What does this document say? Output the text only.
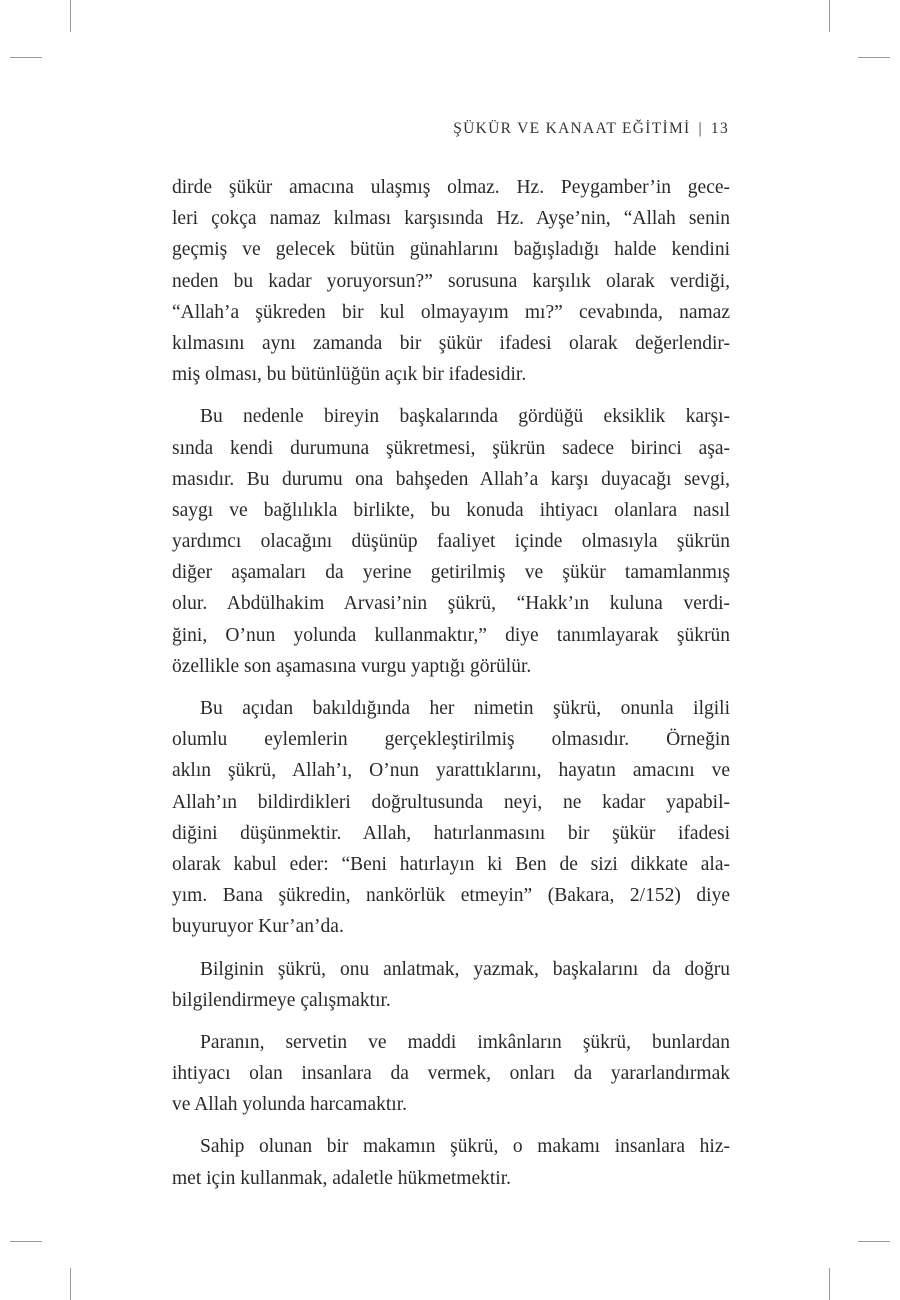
ŞÜKÜR VE KANAAT EĞİTİMİ | 13
dirde şükür amacına ulaşmış olmaz. Hz. Peygamber’in gece-
leri çokça namaz kılması karşısında Hz. Ayşe’nin, “Allah senin
geçmiş ve gelecek bütün günahlarını bağışladığı halde kendini
neden bu kadar yoruyorsun?” sorusuna karşılık olarak verdiği,
“Allah’a şükreden bir kul olmayayım mı?” cevabında, namaz
kılmasını aynı zamanda bir şükür ifadesi olarak değerlendir-
miş olması, bu bütünlüğün açık bir ifadesidir.
Bu nedenle bireyin başkalarında gördüğü eksiklik karşı-
sında kendi durumuna şükretmesi, şükrün sadece birinci aşa-
masıdır. Bu durumu ona bahşeden Allah’a karşı duyacağı sevgi,
saygı ve bağlılıkla birlikte, bu konuda ihtiyacı olanlara nasıl
yardımcı olacağını düşünüp faaliyet içinde olmasıyla şükrün
diğer aşamaları da yerine getirilmiş ve şükür tamamlanmış
olur. Abdülhakim Arvasi’nin şükrü, “Hakk’ın kuluna verdi-
ğini, O’nun yolunda kullanmaktır,” diye tanımlayarak şükrün
özellikle son aşamasına vurgu yaptığı görülür.
Bu açıdan bakıldığında her nimetin şükrü, onunla ilgili
olumlu eylemlerin gerçekleştirilmiş olmasıdır. Örneğin
aklın şükrü, Allah’ı, O’nun yarattıklarını, hayatın amacını ve
Allah’ın bildirdikleri doğrultusunda neyi, ne kadar yapabil-
diğini düşünmektir. Allah, hatırlanmasını bir şükür ifadesi
olarak kabul eder: “Beni hatırlayın ki Ben de sizi dikkate ala-
yım. Bana şükredin, nankörlük etmeyin” (Bakara, 2/152) diye
buyuruyor Kur’an’da.
Bilginin şükrü, onu anlatmak, yazmak, başkalarını da doğru
bilgilendirmeye çalışmaktır.
Paranın, servetin ve maddi imkânların şükrü, bunlardan
ihtiyacı olan insanlara da vermek, onları da yararlandırmak
ve Allah yolunda harcamaktır.
Sahip olunan bir makamın şükrü, o makamı insanlara hiz-
met için kullanmak, adaletle hükmetmektir.
